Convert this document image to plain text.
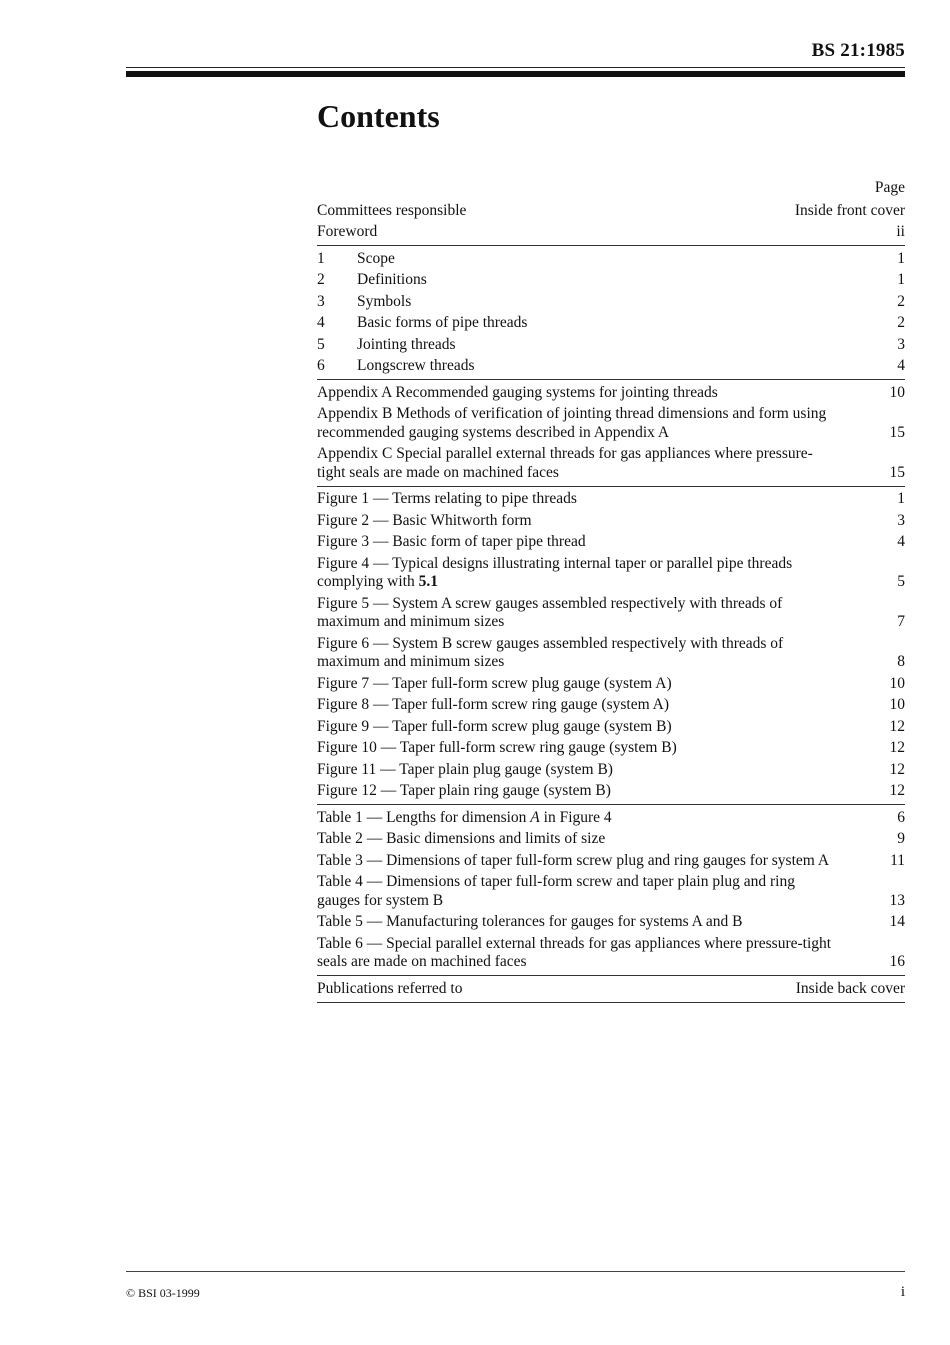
BS 21:1985
Contents
Page
Committees responsible	Inside front cover
Foreword	ii
1 Scope	1
2 Definitions	1
3 Symbols	2
4 Basic forms of pipe threads	2
5 Jointing threads	3
6 Longscrew threads	4
Appendix A Recommended gauging systems for jointing threads	10
Appendix B Methods of verification of jointing thread dimensions and form using recommended gauging systems described in Appendix A	15
Appendix C Special parallel external threads for gas appliances where pressure-tight seals are made on machined faces	15
Figure 1 — Terms relating to pipe threads	1
Figure 2 — Basic Whitworth form	3
Figure 3 — Basic form of taper pipe thread	4
Figure 4 — Typical designs illustrating internal taper or parallel pipe threads complying with 5.1	5
Figure 5 — System A screw gauges assembled respectively with threads of maximum and minimum sizes	7
Figure 6 — System B screw gauges assembled respectively with threads of maximum and minimum sizes	8
Figure 7 — Taper full-form screw plug gauge (system A)	10
Figure 8 — Taper full-form screw ring gauge (system A)	10
Figure 9 — Taper full-form screw plug gauge (system B)	12
Figure 10 — Taper full-form screw ring gauge (system B)	12
Figure 11 — Taper plain plug gauge (system B)	12
Figure 12 — Taper plain ring gauge (system B)	12
Table 1 — Lengths for dimension A in Figure 4	6
Table 2 — Basic dimensions and limits of size	9
Table 3 — Dimensions of taper full-form screw plug and ring gauges for system A	11
Table 4 — Dimensions of taper full-form screw and taper plain plug and ring gauges for system B	13
Table 5 — Manufacturing tolerances for gauges for systems A and B	14
Table 6 — Special parallel external threads for gas appliances where pressure-tight seals are made on machined faces	16
Publications referred to	Inside back cover
© BSI 03-1999	i
